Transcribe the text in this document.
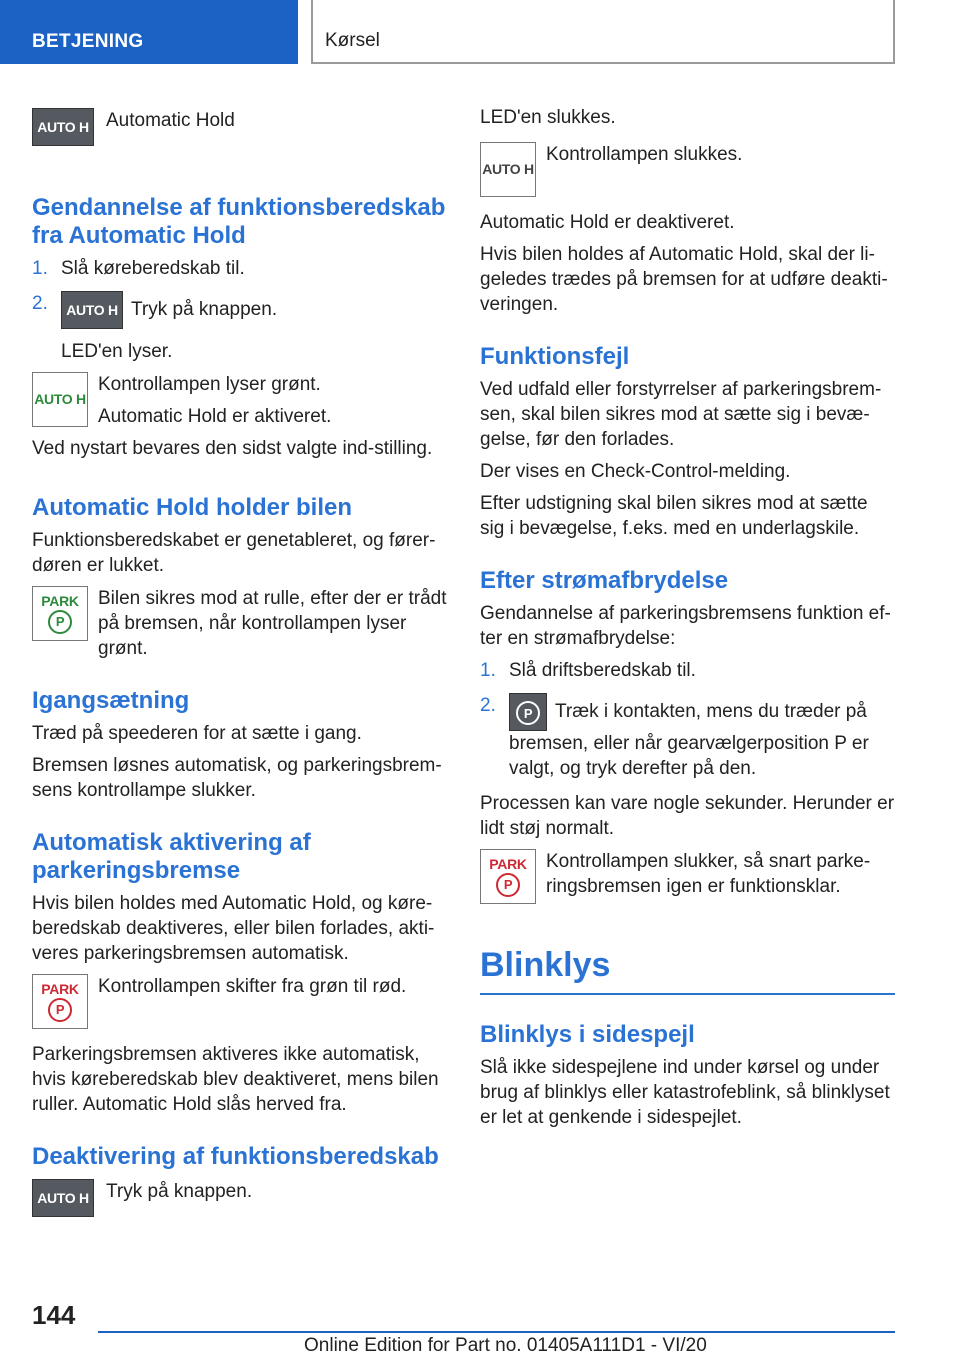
BETJENING	Kørsel
AUTO H Automatic Hold
Gendannelse af funktionsberedskab fra Automatic Hold
1. Slå køreberedskab til.
2. AUTO H Tryk på knappen.

LED'en lyser.

AUTO H

Kontrollampen lyser grønt.

Automatic Hold er aktiveret.

Ved nystart bevares den sidst valgte ind-stilling.

Automatic Hold holder bilen

Funktionsberedskabet er genetableret, og fører-døren er lukket.

PARK
P
Bilen sikres mod at rulle, efter der er trådt på bremsen, når kontrollampen lyser grønt.
Igangsætning

Træd på speederen for at sætte i gang.

Bremsen løsnes automatisk, og parkeringsbrem-sens kontrollampe slukker.

Automatisk aktivering af parkeringsbremse

Hvis bilen holdes med Automatic Hold, og køre-beredskab deaktiveres, eller bilen forlades, akti-veres parkeringsbremsen automatisk.

PARK
P
Kontrollampen skifter fra grøn til rød.

Parkeringsbremsen aktiveres ikke automatisk, hvis køreberedskab blev deaktiveret, mens bilen ruller. Automatic Hold slås herved fra.

Deaktivering af funktionsberedskab
AUTO H Tryk på knappen.

LED'en slukkes.

AUTO H
Kontrollampen slukkes.

Automatic Hold er deaktiveret.

Hvis bilen holdes af Automatic Hold, skal der li-geledes trædes på bremsen for at udføre deakti-veringen.

Funktionsfejl

Ved udfald eller forstyrrelser af parkeringsbrem-sen, skal bilen sikres mod at sætte sig i bevæ-gelse, før den forlades.

Der vises en Check-Control-melding.

Efter udstigning skal bilen sikres mod at sætte sig i bevægelse, f.eks. med en underlagskile.

Efter strømafbrydelse

Gendannelse af parkeringsbremsens funktion ef-ter en strømafbrydelse:

1. Slå driftsberedskab til.
2.	P	Træk i kontakten, mens du træder på bremsen, eller når gearvælgerposition P er valgt, og tryk derefter på den.

Processen kan vare nogle sekunder. Herunder er lidt støj normalt.

PARK
P
Kontrollampen slukker, så snart parke-ringsbremsen igen er funktionsklar.
Blinklys
Blinklys i sidespejl

Slå ikke sidespejlene ind under kørsel og under brug af blinklys eller katastrofeblink, så blinklyset er let at genkende i sidespejlet.

144
Online Edition for Part no. 01405A111D1 - VI/20
